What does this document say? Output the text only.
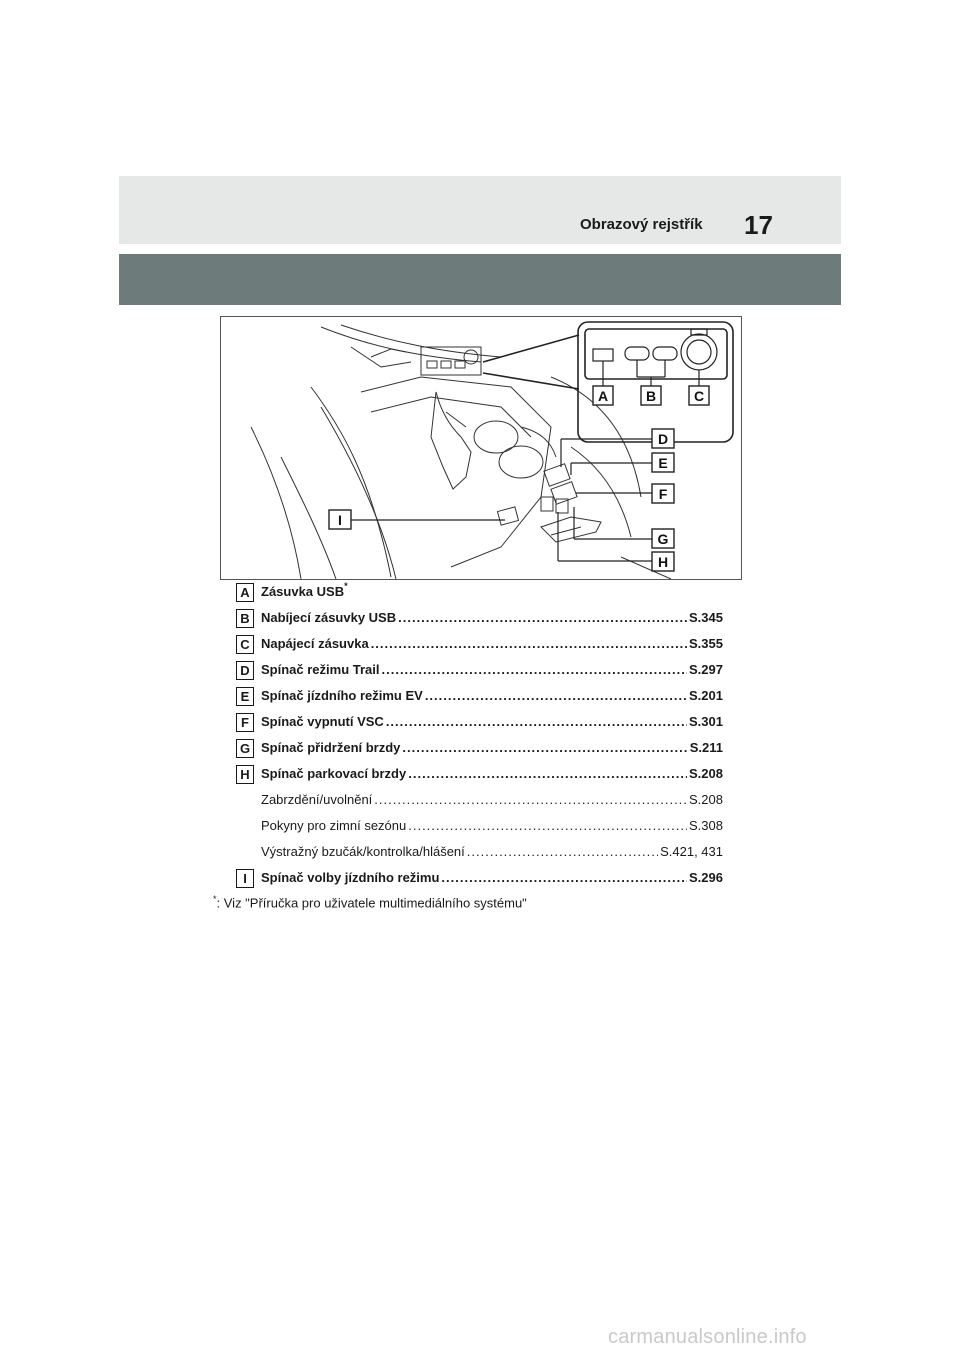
Obrazový rejstřík 17
A	B	C
D
E
F
G
H
I
A Zásuvka USB*
B Nabíjecí zásuvky USB .....	S.345
C Napájecí zásuvka .....	S.355
D Spínač režimu Trail .....	S.297
E Spínač jízdního režimu EV .....	S.201
F Spínač vypnutí VSC .....	S.301
G Spínač přidržení brzdy .....	S.211
H Spínač parkovací brzdy .....	S.208
Zabrzdění/uvolnění .....	S.208
Pokyny pro zimní sezónu .....	S.308
Výstražný bzučák/kontrolka/hlášení .....	S.421, 431
I	Spínač volby jízdního režimu .....	S.296
*: Viz "Příručka pro uživatele multimediálního systému"
carmanualsonline.info
